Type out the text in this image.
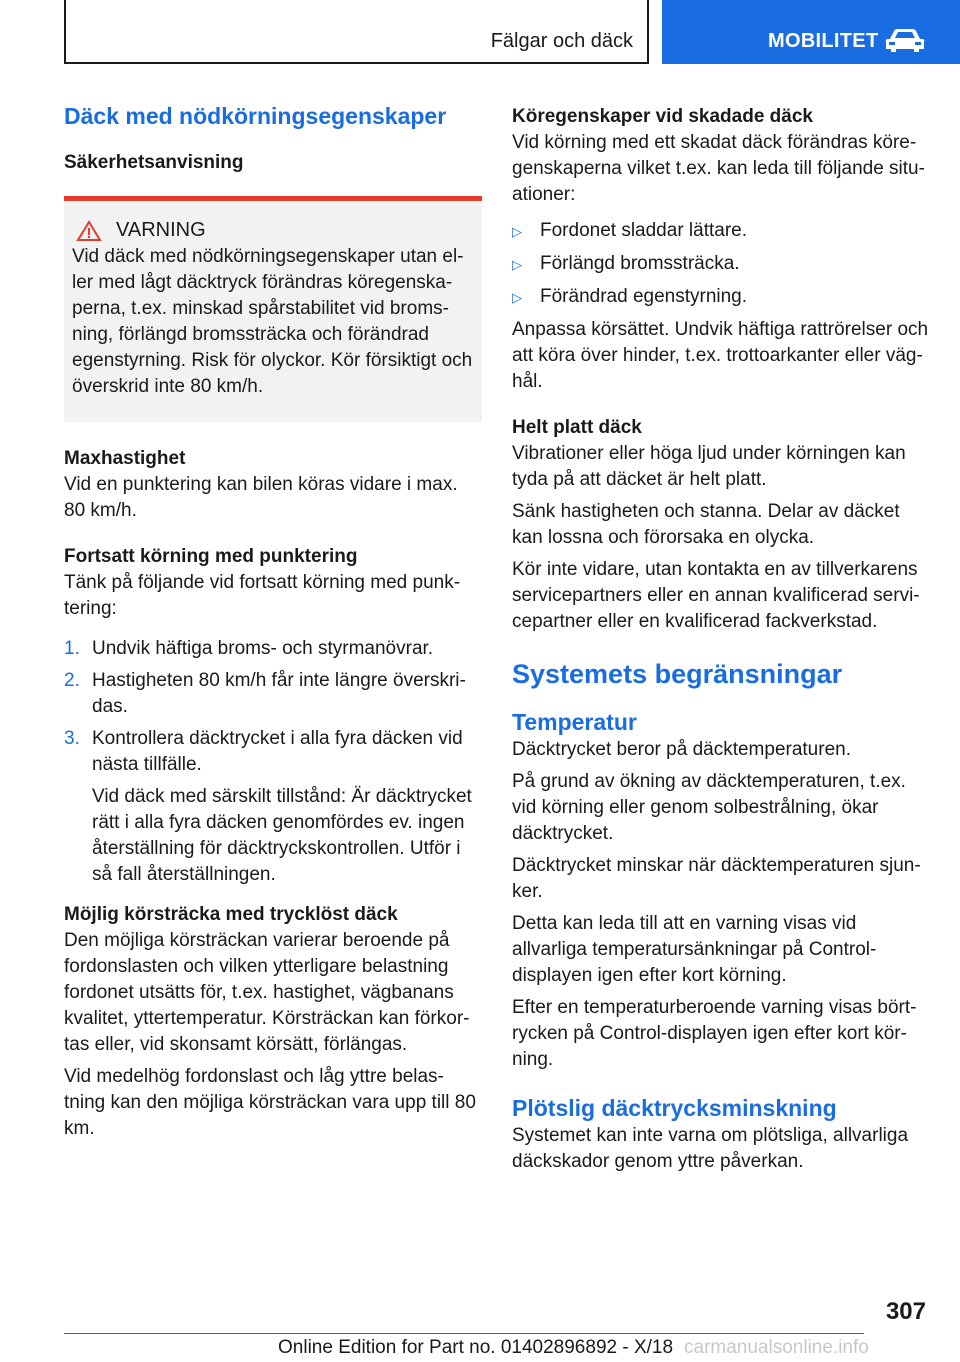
Fälgar och däck	MOBILITET
Däck med nödkörningsegenskaper
Säkerhetsanvisning
VARNING

Vid däck med nödkörningsegenskaper utan el-ler med lågt däcktryck förändras köregenska-perna, t.ex. minskad spårstabilitet vid broms-ning, förlängd bromssträcka och förändrad egenstyrning. Risk för olyckor. Kör försiktigt och överskrid inte 80 km/h.

Maxhastighet

Vid en punktering kan bilen köras vidare i max. 80 km/h.

Fortsatt körning med punktering

Tänk på följande vid fortsatt körning med punk-tering:

1. Undvik häftiga broms- och styrmanövrar.
2. Hastigheten 80 km/h får inte längre överskri-das.
3. Kontrollera däcktrycket i alla fyra däcken vid nästa tillfälle.

Vid däck med särskilt tillstånd: Är däcktrycket rätt i alla fyra däcken genomfördes ev. ingen återställning för däcktryckskontrollen. Utför i så fall återställningen.

Möjlig körsträcka med trycklöst däck

Den möjliga körsträckan varierar beroende på fordonslasten och vilken ytterligare belastning fordonet utsätts för, t.ex. hastighet, vägbanans kvalitet, yttertemperatur. Körsträckan kan förkor-tas eller, vid skonsamt körsätt, förlängas.

Vid medelhög fordonslast och låg yttre belas-tning kan den möjliga körsträckan vara upp till 80 km.

Köregenskaper vid skadade däck

Vid körning med ett skadat däck förändras köre-genskaperna vilket t.ex. kan leda till följande situ-ationer:

▷ Fordonet sladdar lättare.
▷ Förlängd bromssträcka.
▷ Förändrad egenstyrning.

Anpassa körsättet. Undvik häftiga rattrörelser och att köra över hinder, t.ex. trottoarkanter eller väg-hål.

Helt platt däck

Vibrationer eller höga ljud under körningen kan tyda på att däcket är helt platt.

Sänk hastigheten och stanna. Delar av däcket kan lossna och förorsaka en olycka.

Kör inte vidare, utan kontakta en av tillverkarens servicepartners eller en annan kvalificerad servi-cepartner eller en kvalificerad fackverkstad.

Systemets begränsningar
Temperatur

Däcktrycket beror på däcktemperaturen.

På grund av ökning av däcktemperaturen, t.ex. vid körning eller genom solbestrålning, ökar däcktrycket.

Däcktrycket minskar när däcktemperaturen sjun-ker.

Detta kan leda till att en varning visas vid allvarliga temperatursänkningar på Control-displayen igen efter kort körning.

Efter en temperaturberoende varning visas bört-rycken på Control-displayen igen efter kort kör-ning.

Plötslig däcktrycksminskning

Systemet kan inte varna om plötsliga, allvarliga däckskador genom yttre påverkan.

307
Online Edition for Part no. 01402896892 - X/18 carmanualsonline.info
